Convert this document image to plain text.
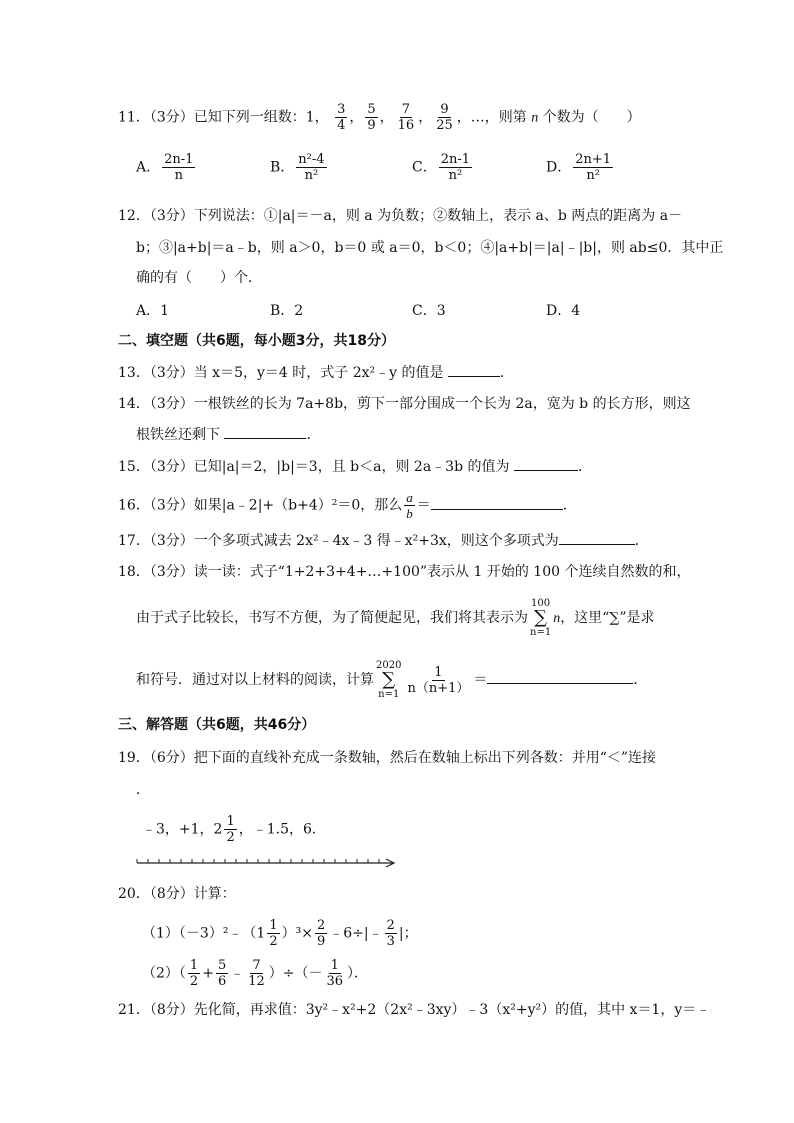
11．（3分）已知下列一组数：1， $\frac{3}{4}$ ， $\frac{5}{9}$ ， $\frac{7}{16}$ ， $\frac{9}{25}$ ，…，则第 n 个数为（　　）
A． $\frac{2n-1}{n}$	B． $\frac{\text{n²-4}}{\text{n²}}$	C． $\frac{2n-1}{\text{n²}}$	D． $\frac{2n+1}{\text{n²}}$
12．（3分）下列说法：①|a|＝－a，则 a 为负数；②数轴上，表示 a、b 两点的距离为 a－
b；③|a+b|＝a﹣b，则 a＞0，b＝0 或 a＝0，b＜0；④|a+b|＝|a|﹣|b|，则 ab≤0．其中正
确的有（　　）个．
A．1	B．2	C．3	D．4
二、填空题（共6题，每小题3分，共18分）
13．（3分）当 x＝5，y＝4 时，式子 2x²﹣y 的值是	．
14．（3分）一根铁丝的长为 7a+8b，剪下一部分围成一个长为 2a，宽为 b 的长方形，则这
根铁丝还剩下	．
15．（3分）已知|a|＝2，|b|＝3，且 b＜a，则 2a﹣3b 的值为	．
16．（3分）如果|a﹣2|+（b+4）²＝0，那么 $\frac{a}{b}$ ＝	．
17．（3分）一个多项式减去 2x²﹣4x﹣3 得﹣x²+3x，则这个多项式为	．
18．（3分）读一读：式子“1+2+3+4+…+100”表示从 1 开始的 100 个连续自然数的和，
由于式子比较长，书写不方便，为了简便起见，我们将其表示为
100
∑
n=1
n，这里“∑”是求
和符号．通过对以上材料的阅读，计算
2020
∑
$n=1 \frac{1}{n(n+1)}$ ＝	．
三、解答题（共6题，共46分）
19．（6分）把下面的直线补充成一条数轴，然后在数轴上标出下列各数：并用“＜”连接
．
﹣3，+1，$2 \frac{1}{2}$ ，﹣1.5，6．
20．（8分）计算：
（1）（－3）²﹣（1 $\frac{1}{2} )^3\times \frac{2}{9}$ ﹣6÷|﹣ $\frac{2}{3}$ |；
$(2)( \frac{1}{2} + \frac{5}{6}$ ﹣ $\frac{7}{12}$ ）÷（－ $\frac{1}{36}$ ）．
21．（8分）先化简，再求值：3y²﹣x²+2（2x²﹣3xy）﹣3（x²+y²）的值，其中 x＝1，y＝﹣
